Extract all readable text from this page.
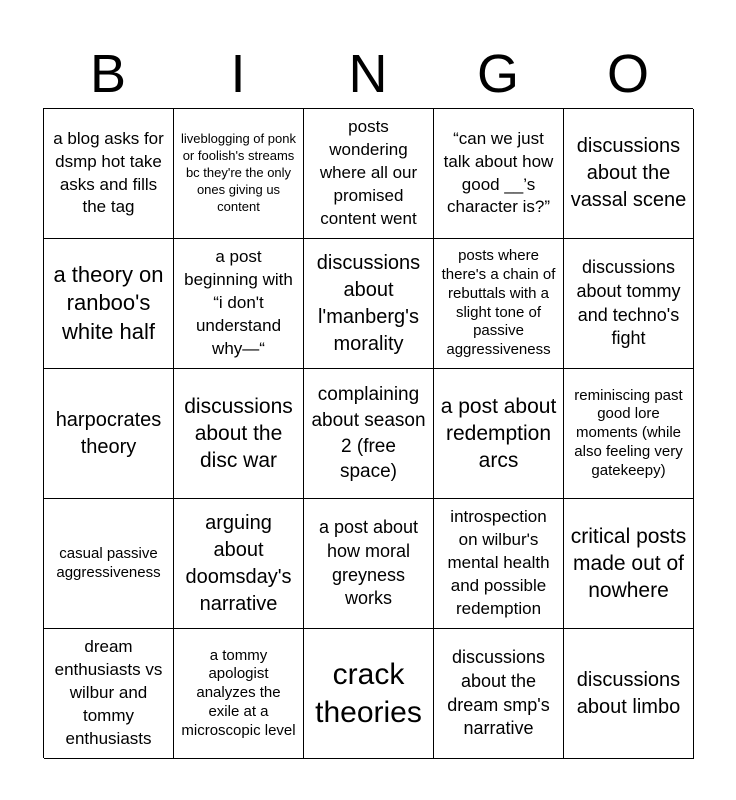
B	I	N	G	O
a blog asks for dsmp hot take asks and fills the tag
liveblogging of ponk or foolish's streams bc they're the only ones giving us content
posts wondering where all our promised content went
“can we just talk about how good __’s character is?”
discussions about the vassal scene
a theory on ranboo's white half
a post beginning with “i don't understand why—“
discussions about l'manberg's morality
posts where there's a chain of rebuttals with a slight tone of passive aggressiveness
discussions about tommy and techno's fight
harpocrates theory
discussions about the disc war
complaining about season 2 (free space)
a post about redemption arcs
reminiscing past good lore moments (while also feeling very gatekeepy)
casual passive aggressiveness
arguing about doomsday's narrative
a post about how moral greyness works
introspection on wilbur's mental health and possible redemption
critical posts made out of nowhere
dream enthusiasts vs wilbur and tommy enthusiasts
a tommy apologist analyzes the exile at a microscopic level
crack theories
discussions about the dream smp's narrative
discussions about limbo
